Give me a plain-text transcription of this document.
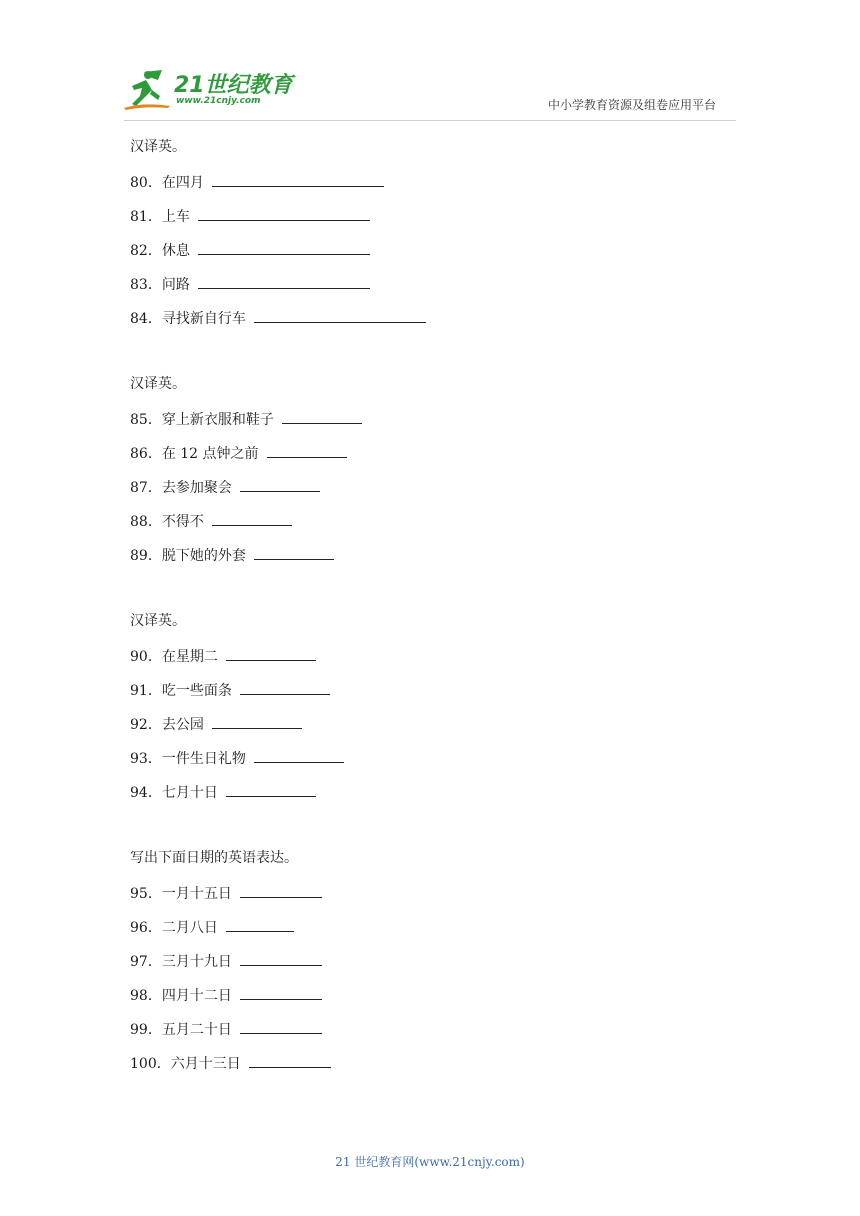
21世纪教育
www.21cnjy.com	中小学教育资源及组卷应用平台
汉译英。
80．在四月
81．上车
82．休息
83．问路
84．寻找新自行车
汉译英。
85．穿上新衣服和鞋子
86．在 12 点钟之前
87．去参加聚会
88．不得不
89．脱下她的外套
汉译英。
90．在星期二
91．吃一些面条
92．去公园
93．一件生日礼物
94．七月十日
写出下面日期的英语表达。
95．一月十五日
96．二月八日
97．三月十九日
98．四月十二日
99．五月二十日
100．六月十三日
21 世纪教育网(www.21cnjy.com)
